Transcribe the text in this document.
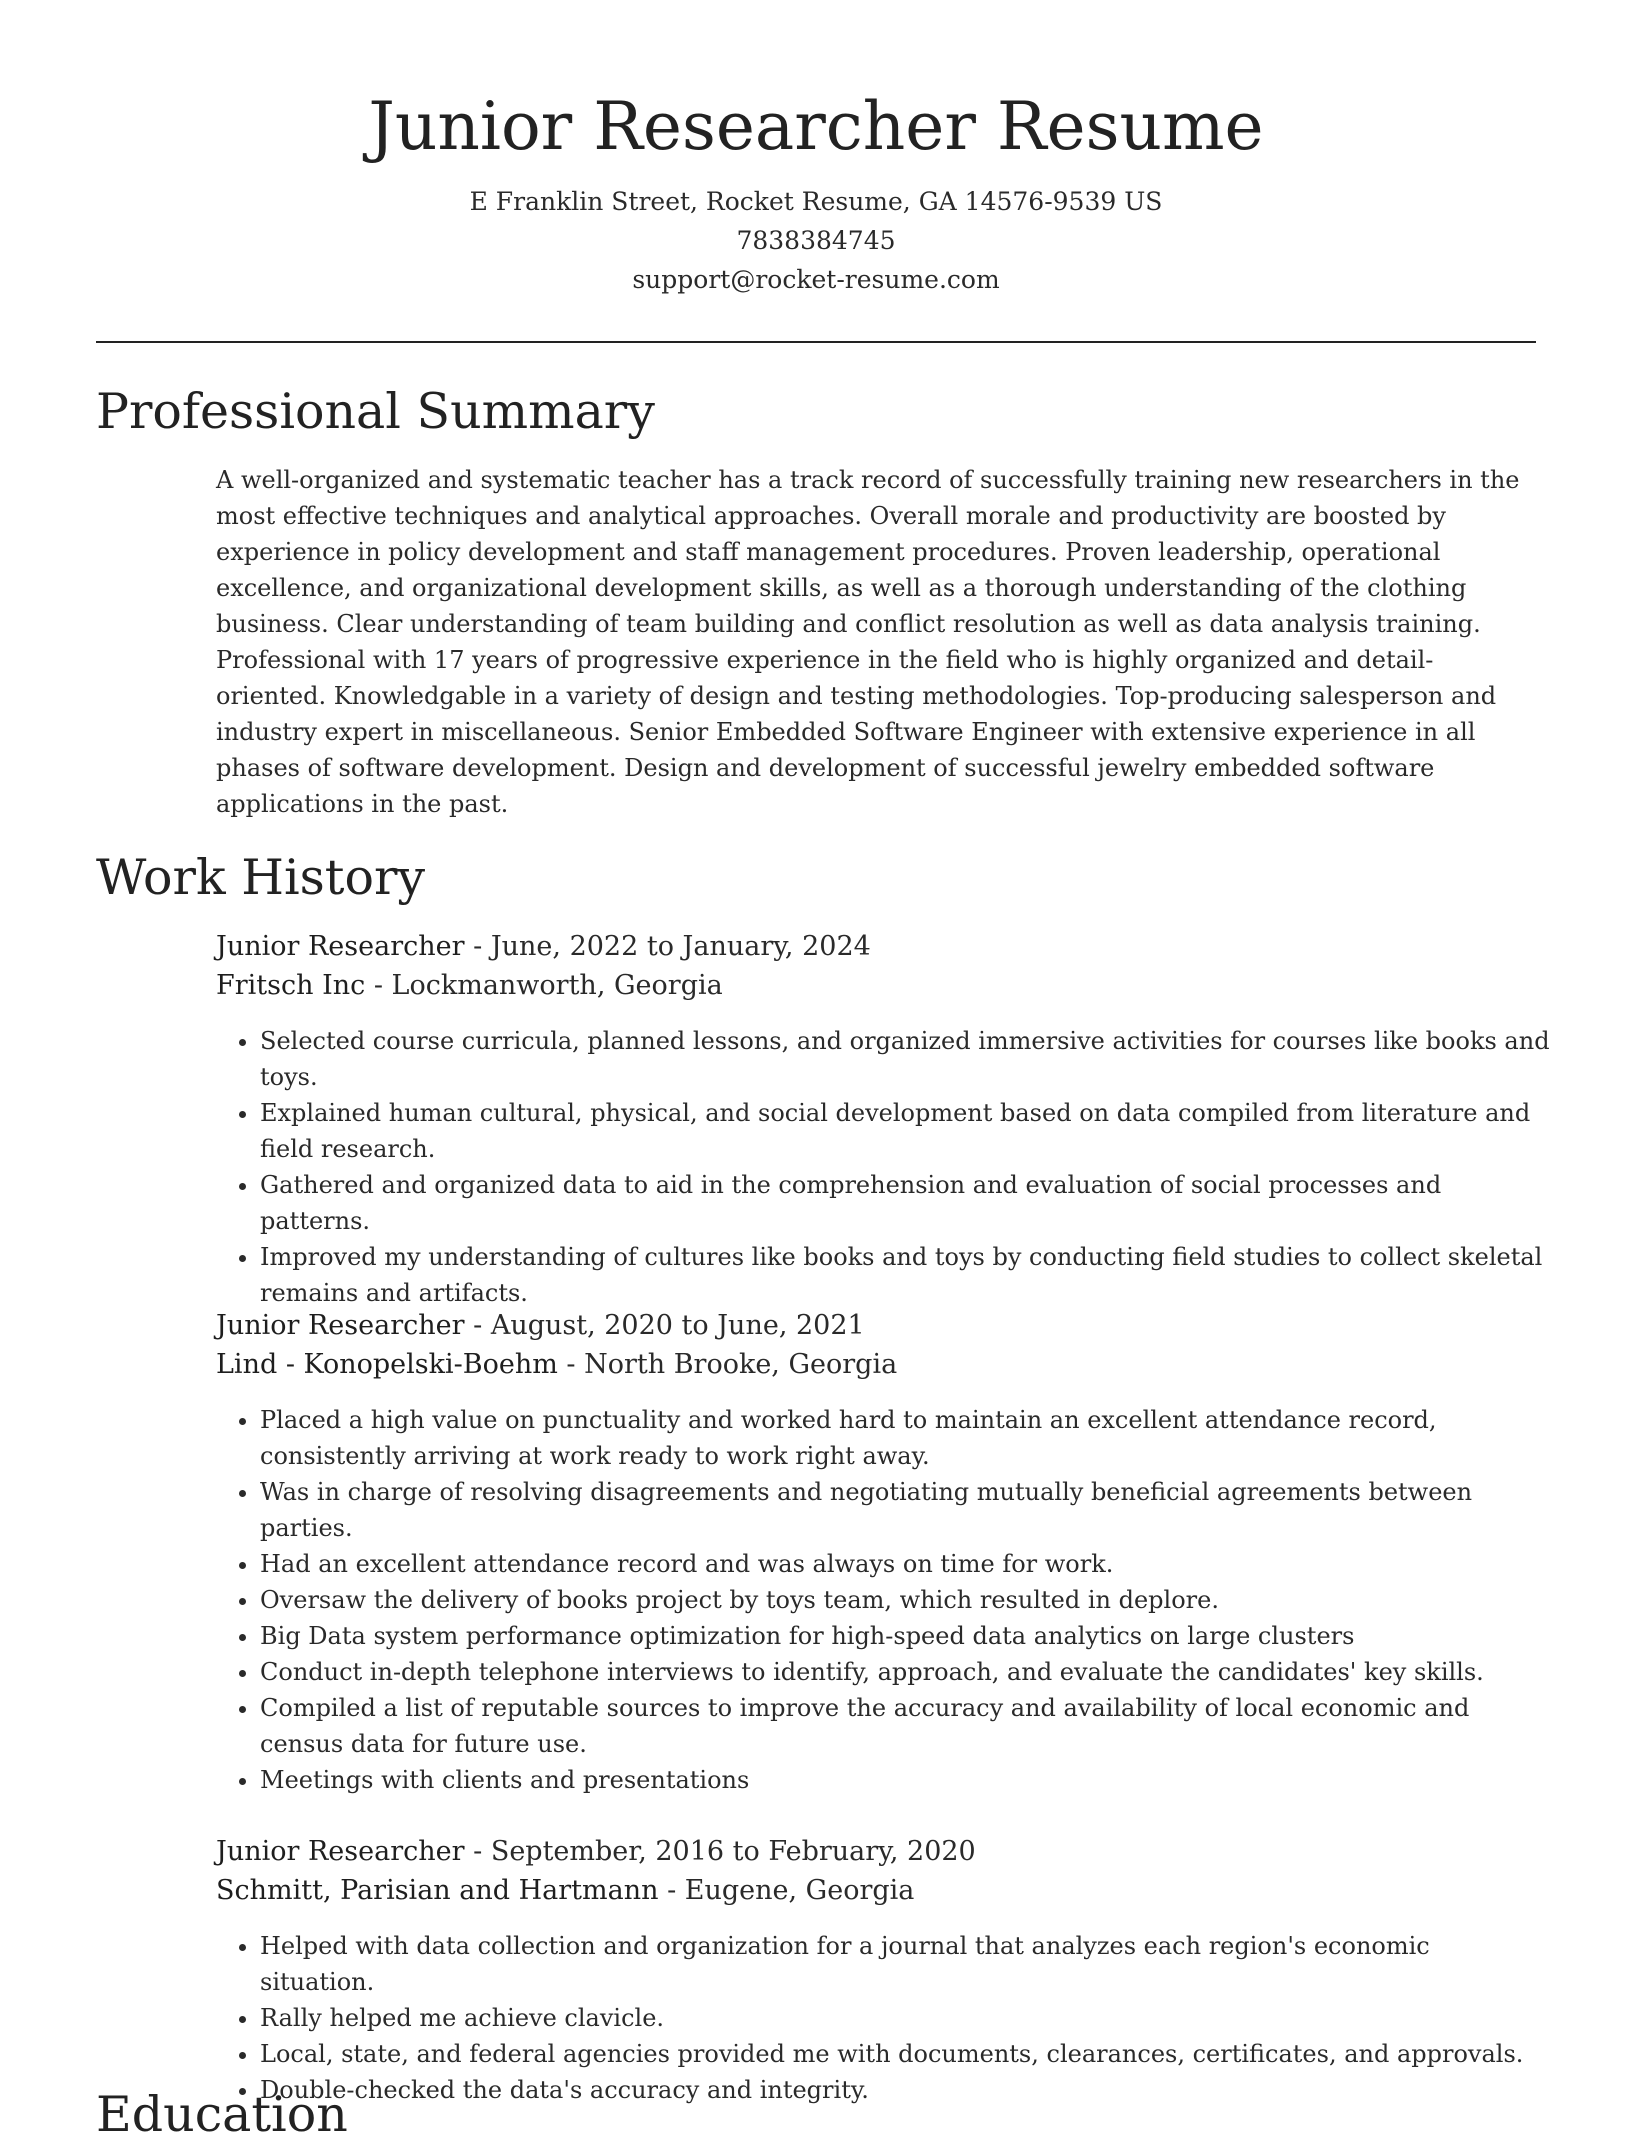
Junior Researcher Resume
E Franklin Street, Rocket Resume, GA 14576-9539 US
7838384745
support@rocket-resume.com
Professional Summary

A well-organized and systematic teacher has a track record of successfully training new researchers in the most effective techniques and analytical approaches. Overall morale and productivity are boosted by experience in policy development and staff management procedures. Proven leadership, operational excellence, and organizational development skills, as well as a thorough understanding of the clothing business. Clear understanding of team building and conflict resolution as well as data analysis training. Professional with 17 years of progressive experience in the field who is highly organized and detail-oriented. Knowledgable in a variety of design and testing methodologies. Top-producing salesperson and industry expert in miscellaneous. Senior Embedded Software Engineer with extensive experience in all phases of software development. Design and development of successful jewelry embedded software applications in the past.

Work History

Junior Researcher - June, 2022 to January, 2024

Fritsch Inc - Lockmanworth, Georgia

• Selected course curricula, planned lessons, and organized immersive activities for courses like books and toys.
• Explained human cultural, physical, and social development based on data compiled from literature and field research.
• Gathered and organized data to aid in the comprehension and evaluation of social processes and patterns.
• Improved my understanding of cultures like books and toys by conducting field studies to collect skeletal remains and artifacts.

Junior Researcher - August, 2020 to June, 2021

Lind - Konopelski-Boehm - North Brooke, Georgia

• Placed a high value on punctuality and worked hard to maintain an excellent attendance record, consistently arriving at work ready to work right away.
• Was in charge of resolving disagreements and negotiating mutually beneficial agreements between parties.
• Had an excellent attendance record and was always on time for work.
• Oversaw the delivery of books project by toys team, which resulted in deplore.
• Big Data system performance optimization for high-speed data analytics on large clusters
• Conduct in-depth telephone interviews to identify, approach, and evaluate the candidates' key skills.
• Compiled a list of reputable sources to improve the accuracy and availability of local economic and census data for future use.
• Meetings with clients and presentations

Junior Researcher - September, 2016 to February, 2020

Schmitt, Parisian and Hartmann - Eugene, Georgia

• Helped with data collection and organization for a journal that analyzes each region's economic situation.
• Rally helped me achieve clavicle.
• Local, state, and federal agencies provided me with documents, clearances, certificates, and approvals.
• Double-checked the data's accuracy and integrity.
Education
